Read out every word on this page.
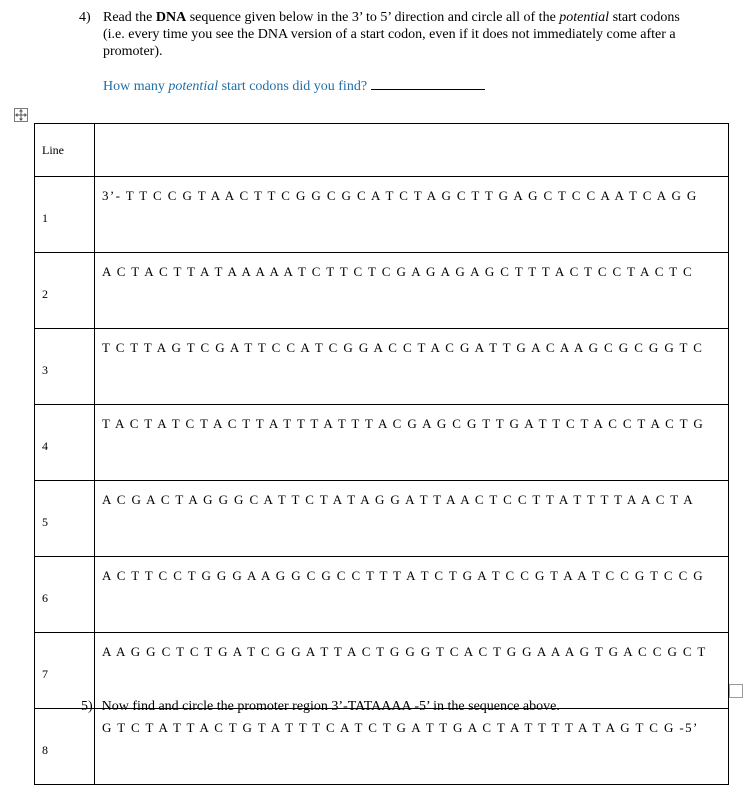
4) Read the DNA sequence given below in the 3’ to 5’ direction and circle all of the potential start codons (i.e. every time you see the DNA version of a start codon, even if it does not immediately come after a promoter).
How many potential start codons did you find?
Line	
1	3’- T T C C G T A A C T T C G G C G C A T C T A G C T T G A G C T C C A A T C A G G
2	A C T A C T T A T A A A A A T C T T C T C G A G A G A G C T T T A C T C C T A C T C
3	T C T T A G T C G A T T C C A T C G G A C C T A C G A T T G A C A A G C G C G G T C
4	T A C T A T C T A C T T A T T T A T T T A C G A G C G T T G A T T C T A C C T A C T G
5	A C G A C T A G G G C A T T C T A T A G G A T T A A C T C C T T A T T T T A A C T A
6	A C T T C C T G G G A A G G C G C C T T T A T C T G A T C C G T A A T C C G T C C G
7	A A G G C T C T G A T C G G A T T A C T G G G T C A C T G G A A A G T G A C C G C T
8	G T C T A T T A C T G T A T T T C A T C T G A T T G A C T A T T T T A T A G T C G -5’
5) Now find and circle the promoter region 3’-TATAAAA -5’ in the sequence above.
